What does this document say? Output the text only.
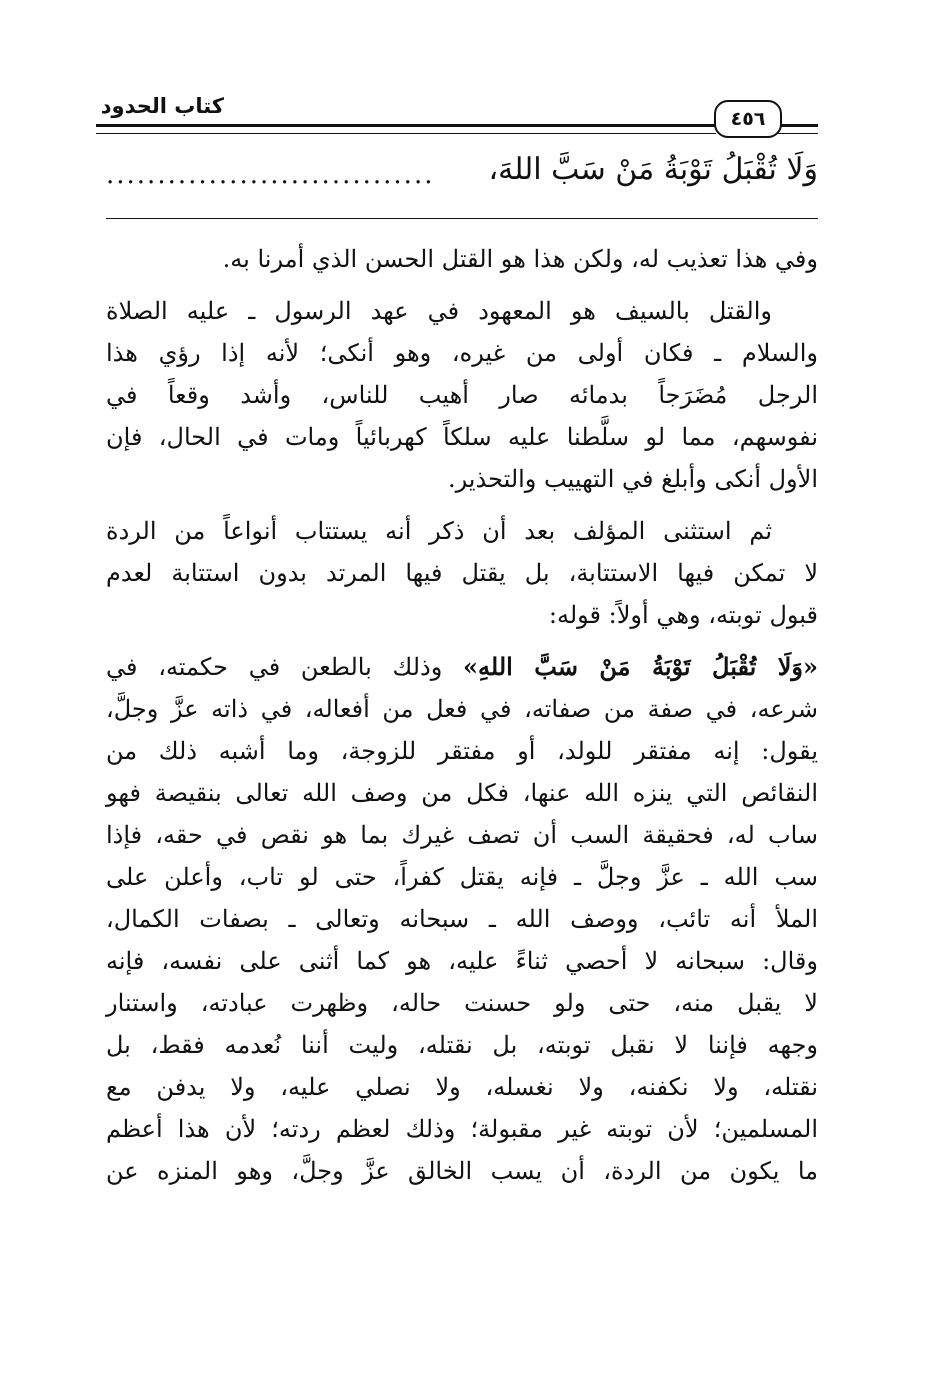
كتاب الحدود
٤٥٦
وَلَا تُقْبَلُ تَوْبَةُ مَنْ سَبَّ اللهَ،
................................

وفي هذا تعذيب له، ولكن هذا هو القتل الحسن الذي أمرنا به.

والقتل بالسيف هو المعهود في عهد الرسول ـ عليه الصلاة
والسلام ـ فكان أولى من غيره، وهو أنكى؛ لأنه إذا رؤي هذا
الرجل مُضَرَجاً بدمائه صار أهيب للناس، وأشد وقعاً في
نفوسهم، مما لو سلَّطنا عليه سلكاً كهربائياً ومات في الحال، فإن
الأول أنكى وأبلغ في التهييب والتحذير.

ثم استثنى المؤلف بعد أن ذكر أنه يستتاب أنواعاً من الردة
لا تمكن فيها الاستتابة، بل يقتل فيها المرتد بدون استتابة لعدم
قبول توبته، وهي أولاً: قوله:

«وَلَا تُقْبَلُ تَوْبَةُ مَنْ سَبَّ اللهِ» وذلك بالطعن في حكمته، في
شرعه، في صفة من صفاته، في فعل من أفعاله، في ذاته عزَّ وجلَّ،
يقول: إنه مفتقر للولد، أو مفتقر للزوجة، وما أشبه ذلك من
النقائص التي ينزه الله عنها، فكل من وصف الله تعالى بنقيصة فهو
ساب له، فحقيقة السب أن تصف غيرك بما هو نقص في حقه، فإذا
سب الله ـ عزَّ وجلَّ ـ فإنه يقتل كفراً، حتى لو تاب، وأعلن على
الملأ أنه تائب، ووصف الله ـ سبحانه وتعالى ـ بصفات الكمال،
وقال: سبحانه لا أحصي ثناءً عليه، هو كما أثنى على نفسه، فإنه
لا يقبل منه، حتى ولو حسنت حاله، وظهرت عبادته، واستنار
وجهه فإننا لا نقبل توبته، بل نقتله، وليت أننا نُعدمه فقط، بل
نقتله، ولا نكفنه، ولا نغسله، ولا نصلي عليه، ولا يدفن مع
المسلمين؛ لأن توبته غير مقبولة؛ وذلك لعظم ردته؛ لأن هذا أعظم
ما يكون من الردة، أن يسب الخالق عزَّ وجلَّ، وهو المنزه عن
